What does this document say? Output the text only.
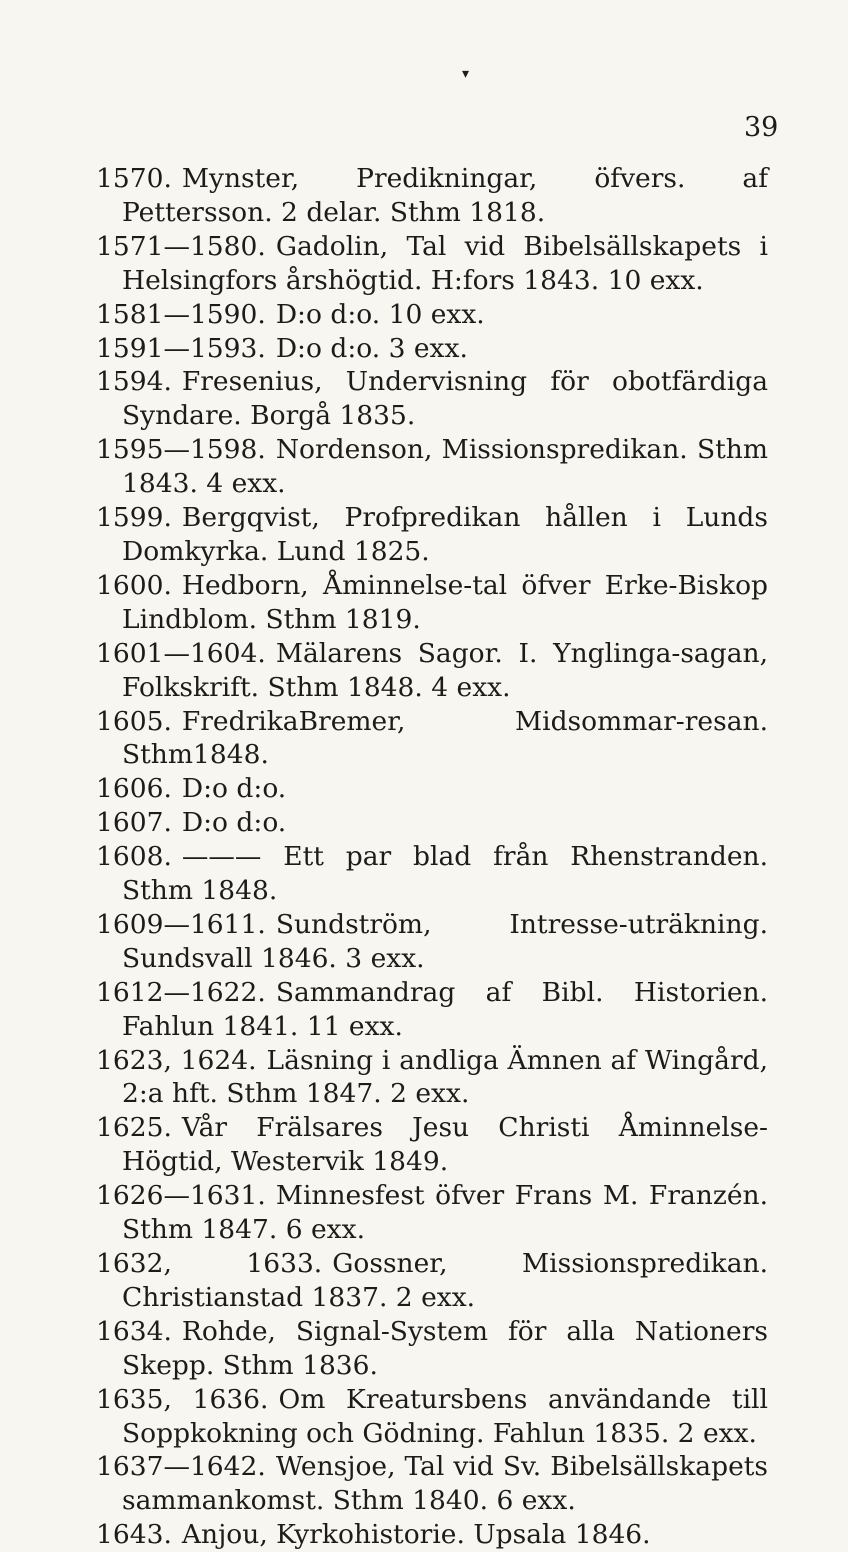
▾
39
1570. Mynster, Predikningar, öfvers. af Pettersson. 2 delar. Sthm 1818.
1571—1580. Gadolin, Tal vid Bibelsällskapets i Helsingfors årshögtid. H:fors 1843. 10 exx.
1581—1590. D:o d:o. 10 exx.
1591—1593. D:o d:o. 3 exx.
1594. Fresenius, Undervisning för obotfärdiga Syndare. Borgå 1835.
1595—1598. Nordenson, Missionspredikan. Sthm 1843. 4 exx.
1599. Bergqvist, Profpredikan hållen i Lunds Domkyrka. Lund 1825.
1600. Hedborn, Åminnelse-tal öfver Erke-Biskop Lindblom. Sthm 1819.
1601—1604. Mälarens Sagor. I. Ynglinga-sagan, Folkskrift. Sthm 1848. 4 exx.
1605. FredrikaBremer, Midsommar-resan. Sthm1848.
1606. D:o d:o.
1607. D:o d:o.
1608. ——— Ett par blad från Rhenstranden. Sthm 1848.
1609—1611. Sundström, Intresse-uträkning. Sundsvall 1846. 3 exx.
1612—1622. Sammandrag af Bibl. Historien. Fahlun 1841. 11 exx.
1623, 1624. Läsning i andliga Ämnen af Wingård, 2:a hft. Sthm 1847. 2 exx.
1625. Vår Frälsares Jesu Christi Åminnelse-Högtid, Westervik 1849.
1626—1631. Minnesfest öfver Frans M. Franzén. Sthm 1847. 6 exx.
1632, 1633. Gossner, Missionspredikan. Christianstad 1837. 2 exx.
1634. Rohde, Signal-System för alla Nationers Skepp. Sthm 1836.
1635, 1636. Om Kreatursbens användande till Soppkokning och Gödning. Fahlun 1835. 2 exx.
1637—1642. Wensjoe, Tal vid Sv. Bibelsällskapets sammankomst. Sthm 1840. 6 exx.
1643. Anjou, Kyrkohistorie. Upsala 1846.
